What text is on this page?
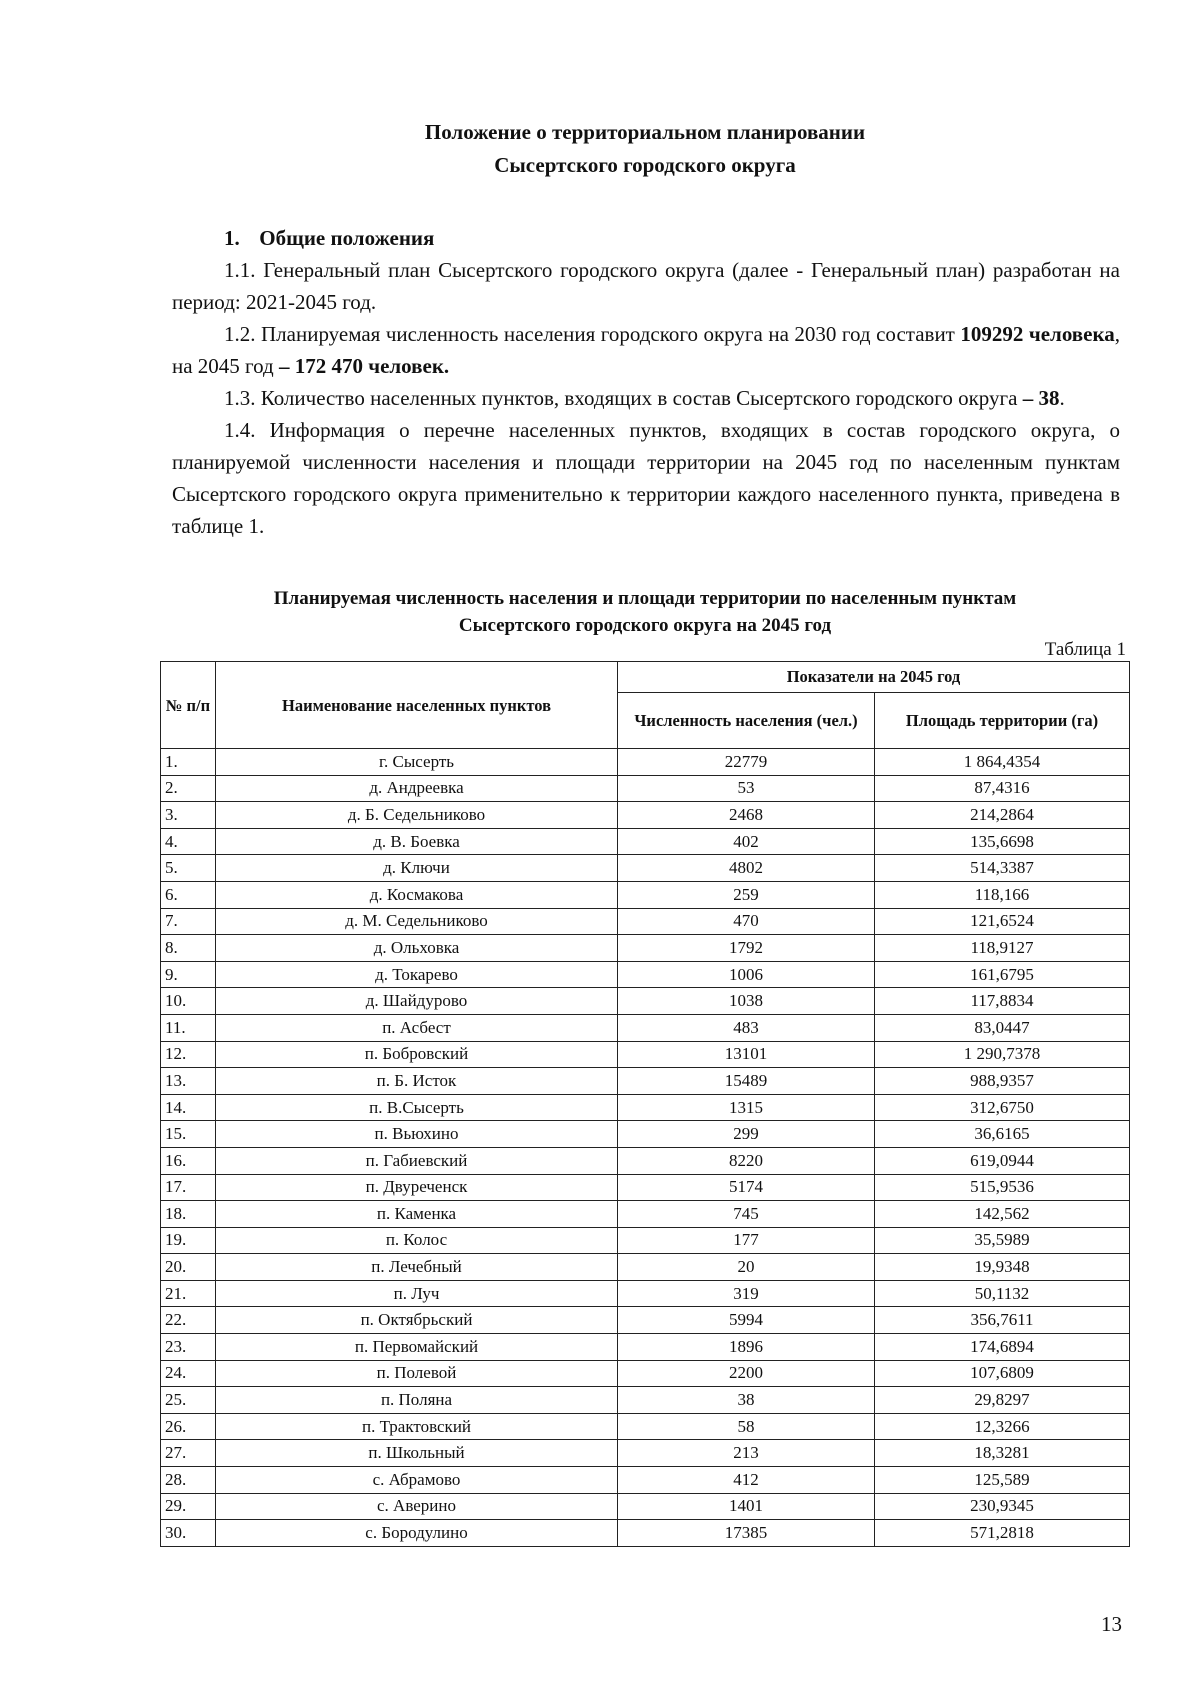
Положение о территориальном планировании
Сысертского городского округа

1. Общие положения

1.1. Генеральный план Сысертского городского округа (далее - Генеральный план) разработан на период: 2021-2045 год.

1.2. Планируемая численность населения городского округа на 2030 год составит 109292 человека, на 2045 год – 172 470 человек.

1.3. Количество населенных пунктов, входящих в состав Сысертского городского округа – 38.

1.4. Информация о перечне населенных пунктов, входящих в состав городского округа, о планируемой численности населения и площади территории на 2045 год по населенным пунктам Сысертского городского округа применительно к территории каждого населенного пункта, приведена в таблице 1.

Планируемая численность населения и площади территории по населенным пунктам
Сысертского городского округа на 2045 год
Таблица 1
№ п/п	Наименование населенных пунктов	Показатели на 2045 год	
		Численность населения (чел.)	Площадь территории (га)
1.	г. Сысерть	22779	1 864,4354
2.	д. Андреевка	53	87,4316
3.	д. Б. Седельниково	2468	214,2864
4.	д. В. Боевка	402	135,6698
5.	д. Ключи	4802	514,3387
6.	д. Космакова	259	118,166
7.	д. М. Седельниково	470	121,6524
8.	д. Ольховка	1792	118,9127
9.	д. Токарево	1006	161,6795
10.	д. Шайдурово	1038	117,8834
11.	п. Асбест	483	83,0447
12.	п. Бобровский	13101	1 290,7378
13.	п. Б. Исток	15489	988,9357
14.	п. В.Сысерть	1315	312,6750
15.	п. Вьюхино	299	36,6165
16.	п. Габиевский	8220	619,0944
17.	п. Двуреченск	5174	515,9536
18.	п. Каменка	745	142,562
19.	п. Колос	177	35,5989
20.	п. Лечебный	20	19,9348
21.	п. Луч	319	50,1132
22.	п. Октябрьский	5994	356,7611
23.	п. Первомайский	1896	174,6894
24.	п. Полевой	2200	107,6809
25.	п. Поляна	38	29,8297
26.	п. Трактовский	58	12,3266
27.	п. Школьный	213	18,3281
28.	с. Абрамово	412	125,589
29.	с. Аверино	1401	230,9345
30.	с. Бородулино	17385	571,2818
13
